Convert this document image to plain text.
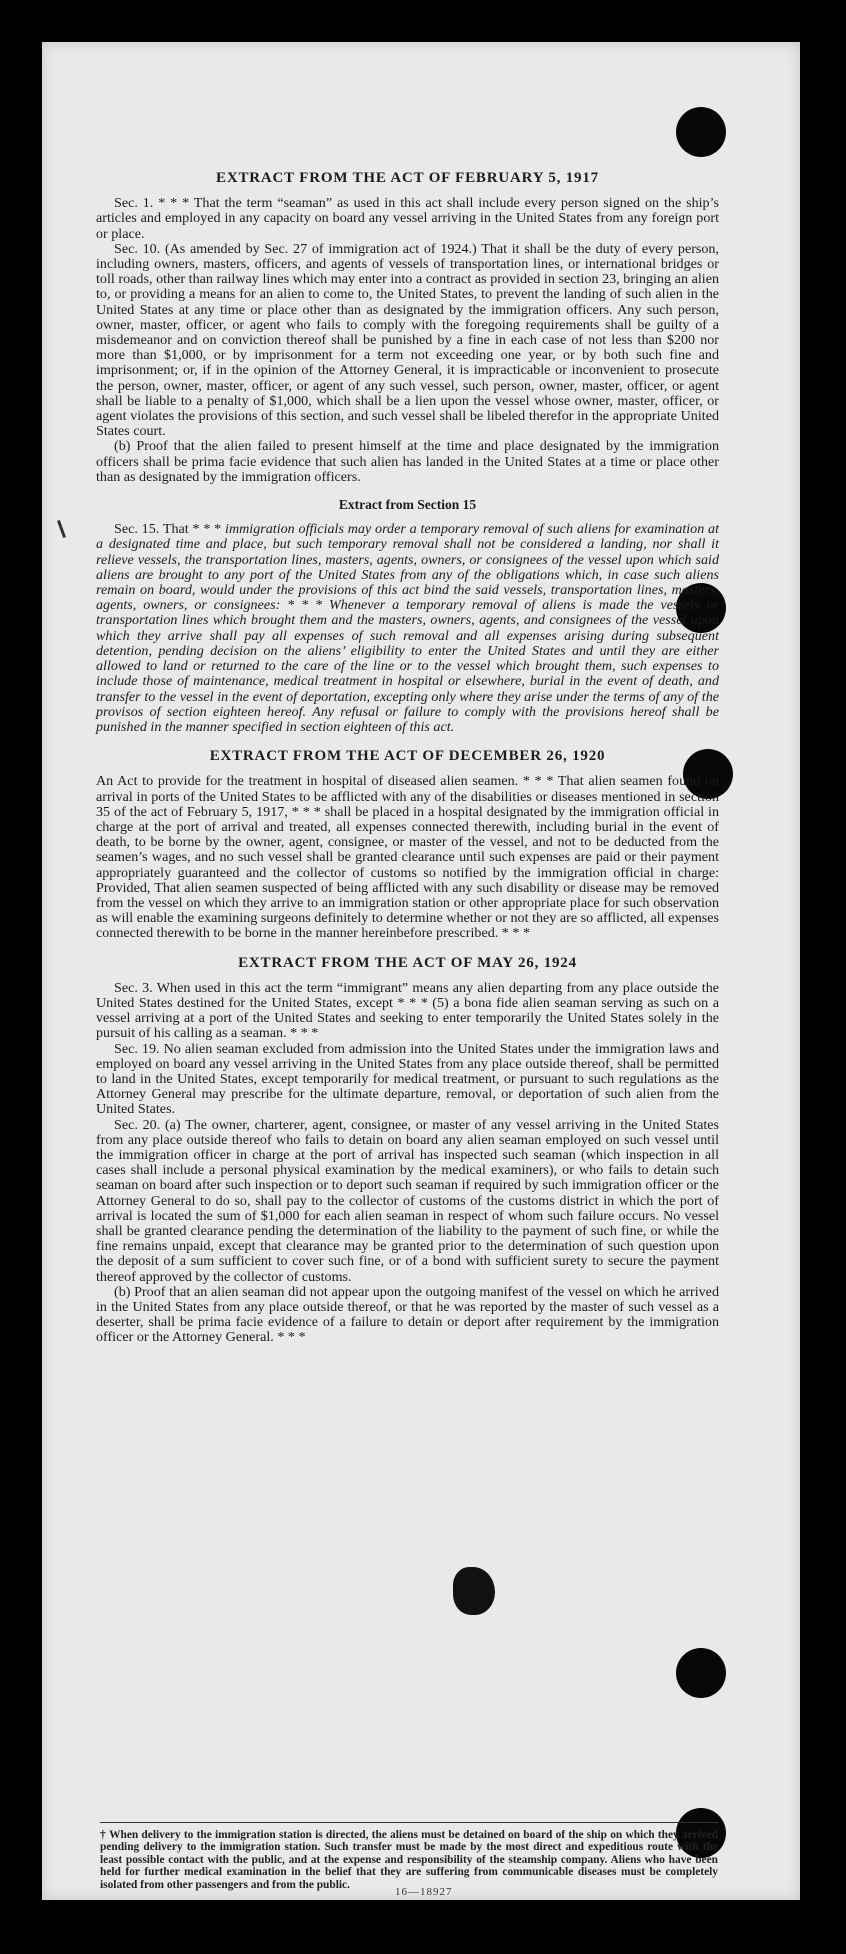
EXTRACT FROM THE ACT OF FEBRUARY 5, 1917

Sec. 1. * * * That the term “seaman” as used in this act shall include every person signed on the ship’s articles and employed in any capacity on board any vessel arriving in the United States from any foreign port or place.

Sec. 10. (As amended by Sec. 27 of immigration act of 1924.) That it shall be the duty of every person, including owners, masters, officers, and agents of vessels of transportation lines, or international bridges or toll roads, other than railway lines which may enter into a contract as provided in section 23, bringing an alien to, or providing a means for an alien to come to, the United States, to prevent the landing of such alien in the United States at any time or place other than as designated by the immigration officers. Any such person, owner, master, officer, or agent who fails to comply with the foregoing requirements shall be guilty of a misdemeanor and on conviction thereof shall be punished by a fine in each case of not less than $200 nor more than $1,000, or by imprisonment for a term not exceeding one year, or by both such fine and imprisonment; or, if in the opinion of the Attorney General, it is impracticable or inconvenient to prosecute the person, owner, master, officer, or agent of any such vessel, such person, owner, master, officer, or agent shall be liable to a penalty of $1,000, which shall be a lien upon the vessel whose owner, master, officer, or agent violates the provisions of this section, and such vessel shall be libeled therefor in the appropriate United States court.

(b) Proof that the alien failed to present himself at the time and place designated by the immigration officers shall be prima facie evidence that such alien has landed in the United States at a time or place other than as designated by the immigration officers.

Extract from Section 15

Sec. 15. That * * * immigration officials may order a temporary removal of such aliens for examination at a designated time and place, but such temporary removal shall not be considered a landing, nor shall it relieve vessels, the transportation lines, masters, agents, owners, or consignees of the vessel upon which said aliens are brought to any port of the United States from any of the obligations which, in case such aliens remain on board, would under the provisions of this act bind the said vessels, transportation lines, masters, agents, owners, or consignees: * * * Whenever a temporary removal of aliens is made the vessels or transportation lines which brought them and the masters, owners, agents, and consignees of the vessel upon which they arrive shall pay all expenses of such removal and all expenses arising during subsequent detention, pending decision on the aliens’ eligibility to enter the United States and until they are either allowed to land or returned to the care of the line or to the vessel which brought them, such expenses to include those of maintenance, medical treatment in hospital or elsewhere, burial in the event of death, and transfer to the vessel in the event of deportation, excepting only where they arise under the terms of any of the provisos of section eighteen hereof. Any refusal or failure to comply with the provisions hereof shall be punished in the manner specified in section eighteen of this act.

EXTRACT FROM THE ACT OF DECEMBER 26, 1920

An Act to provide for the treatment in hospital of diseased alien seamen. * * * That alien seamen found on arrival in ports of the United States to be afflicted with any of the disabilities or diseases mentioned in section 35 of the act of February 5, 1917, * * * shall be placed in a hospital designated by the immigration official in charge at the port of arrival and treated, all expenses connected therewith, including burial in the event of death, to be borne by the owner, agent, consignee, or master of the vessel, and not to be deducted from the seamen’s wages, and no such vessel shall be granted clearance until such expenses are paid or their payment appropriately guaranteed and the collector of customs so notified by the immigration official in charge: Provided, That alien seamen suspected of being afflicted with any such disability or disease may be removed from the vessel on which they arrive to an immigration station or other appropriate place for such observation as will enable the examining surgeons definitely to determine whether or not they are so afflicted, all expenses connected therewith to be borne in the manner hereinbefore prescribed. * * *

EXTRACT FROM THE ACT OF MAY 26, 1924

Sec. 3. When used in this act the term “immigrant” means any alien departing from any place outside the United States destined for the United States, except * * * (5) a bona fide alien seaman serving as such on a vessel arriving at a port of the United States and seeking to enter temporarily the United States solely in the pursuit of his calling as a seaman. * * *

Sec. 19. No alien seaman excluded from admission into the United States under the immigration laws and employed on board any vessel arriving in the United States from any place outside thereof, shall be permitted to land in the United States, except temporarily for medical treatment, or pursuant to such regulations as the Attorney General may prescribe for the ultimate departure, removal, or deportation of such alien from the United States.

Sec. 20. (a) The owner, charterer, agent, consignee, or master of any vessel arriving in the United States from any place outside thereof who fails to detain on board any alien seaman employed on such vessel until the immigration officer in charge at the port of arrival has inspected such seaman (which inspection in all cases shall include a personal physical examination by the medical examiners), or who fails to detain such seaman on board after such inspection or to deport such seaman if required by such immigration officer or the Attorney General to do so, shall pay to the collector of customs of the customs district in which the port of arrival is located the sum of $1,000 for each alien seaman in respect of whom such failure occurs. No vessel shall be granted clearance pending the determination of the liability to the payment of such fine, or while the fine remains unpaid, except that clearance may be granted prior to the determination of such question upon the deposit of a sum sufficient to cover such fine, or of a bond with sufficient surety to secure the payment thereof approved by the collector of customs.

(b) Proof that an alien seaman did not appear upon the outgoing manifest of the vessel on which he arrived in the United States from any place outside thereof, or that he was reported by the master of such vessel as a deserter, shall be prima facie evidence of a failure to detain or deport after requirement by the immigration officer or the Attorney General. * * *

† When delivery to the immigration station is directed, the aliens must be detained on board of the ship on which they arrived pending delivery to the immigration station. Such transfer must be made by the most direct and expeditious route with the least possible contact with the public, and at the expense and responsibility of the steamship company. Aliens who have been held for further medical examination in the belief that they are suffering from communicable diseases must be completely isolated from other passengers and from the public.
16—18927
